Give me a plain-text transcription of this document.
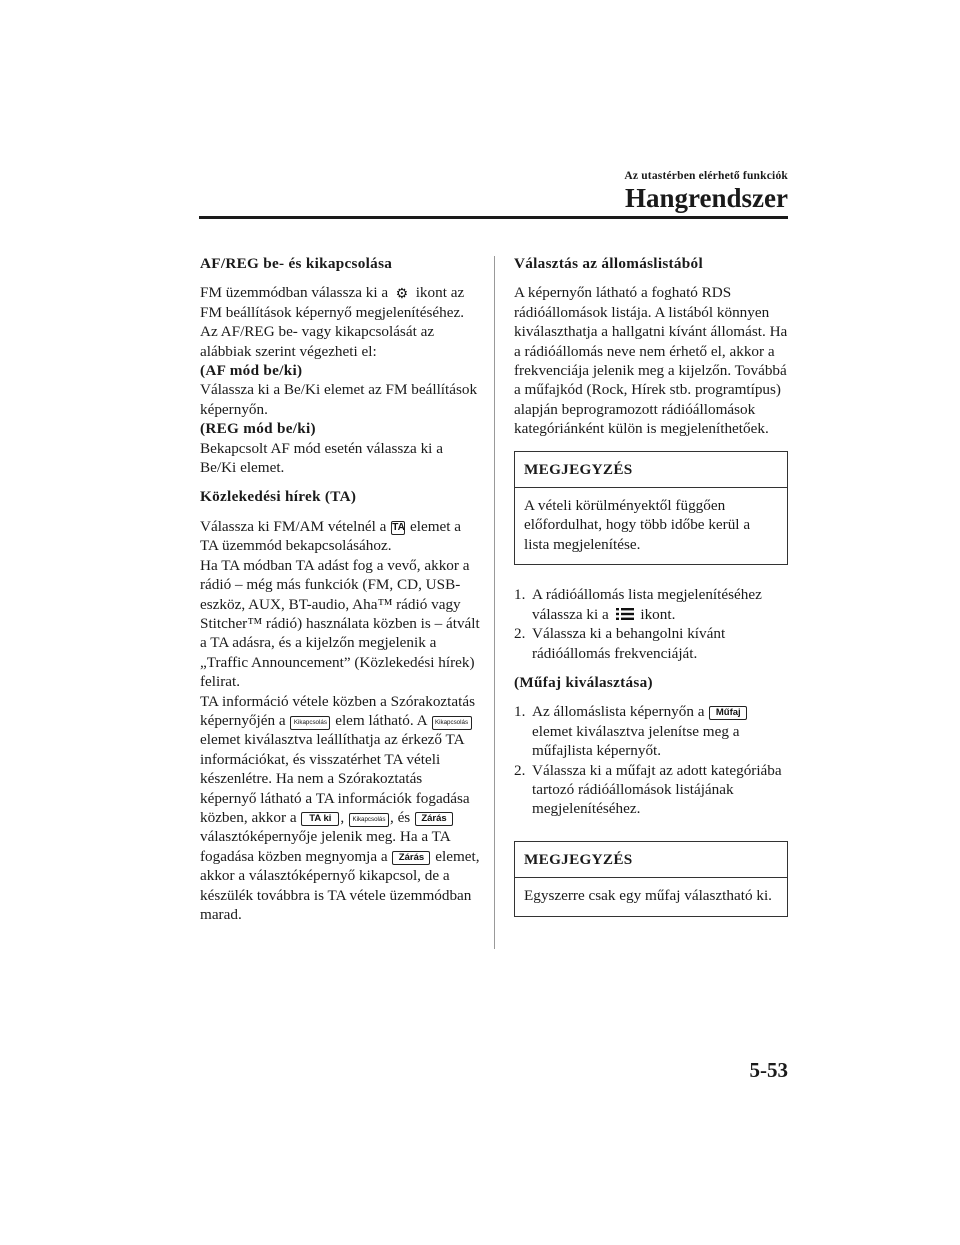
Az utastérben elérhető funkciók
Hangrendszer

AF/REG be- és kikapcsolása

FM üzemmódban válassza ki a ⚙ ikont az FM beállítások képernyő megjelenítéséhez. Az AF/REG be- vagy kikapcsolását az alábbiak szerint végezheti el:

(AF mód be/ki)

Válassza ki a Be/Ki elemet az FM beállítások képernyőn.

(REG mód be/ki)

Bekapcsolt AF mód esetén válassza ki a Be/Ki elemet.

Közlekedési hírek (TA)

Válassza ki FM/AM vételnél a TA elemet a TA üzemmód bekapcsolásához.

Ha TA módban TA adást fog a vevő, akkor a rádió – még más funkciók (FM, CD, USB-eszköz, AUX, BT-audio, Aha™ rádió vagy Stitcher™ rádió) használata közben is – átvált a TA adásra, és a kijelzőn megjelenik a „Traffic Announcement” (Közlekedési hírek) felirat.

TA információ vétele közben a Szórakoztatás képernyőjén a Kikapcsolás elem látható. A Kikapcsolás elemet kiválasztva leállíthatja az érkező TA információkat, és visszatérhet TA vételi készenlétre. Ha nem a Szórakoztatás képernyő látható a TA információk fogadása közben, akkor a TA ki , Kikapcsolás , és Zárás választóképernyője jelenik meg. Ha a TA fogadása közben megnyomja a Zárás elemet, akkor a választóképernyő kikapcsol, de a készülék továbbra is TA vétele üzemmódban marad.

Választás az állomáslistából

A képernyőn látható a fogható RDS rádióállomások listája. A listából könnyen kiválaszthatja a hallgatni kívánt állomást. Ha a rádióállomás neve nem érhető el, akkor a frekvenciája jelenik meg a kijelzőn. Továbbá a műfajkód (Rock, Hírek stb. programtípus) alapján beprogramozott rádióállomások kategóriánként külön is megjeleníthetőek.

MEGJEGYZÉS
A vételi körülményektől függően előfordulhat, hogy több időbe kerül a lista megjelenítése.
1. A rádióállomás lista megjelenítéséhez válassza ki a  ikont.
2. Válassza ki a behangolni kívánt rádióállomás frekvenciáját.

(Műfaj kiválasztása)

1. Az állomáslista képernyőn a Műfaj elemet kiválasztva jelenítse meg a műfajlista képernyőt.
2. Válassza ki a műfajt az adott kategóriába tartozó rádióállomások listájának megjelenítéséhez.
MEGJEGYZÉS
Egyszerre csak egy műfaj választható ki.
5-53
